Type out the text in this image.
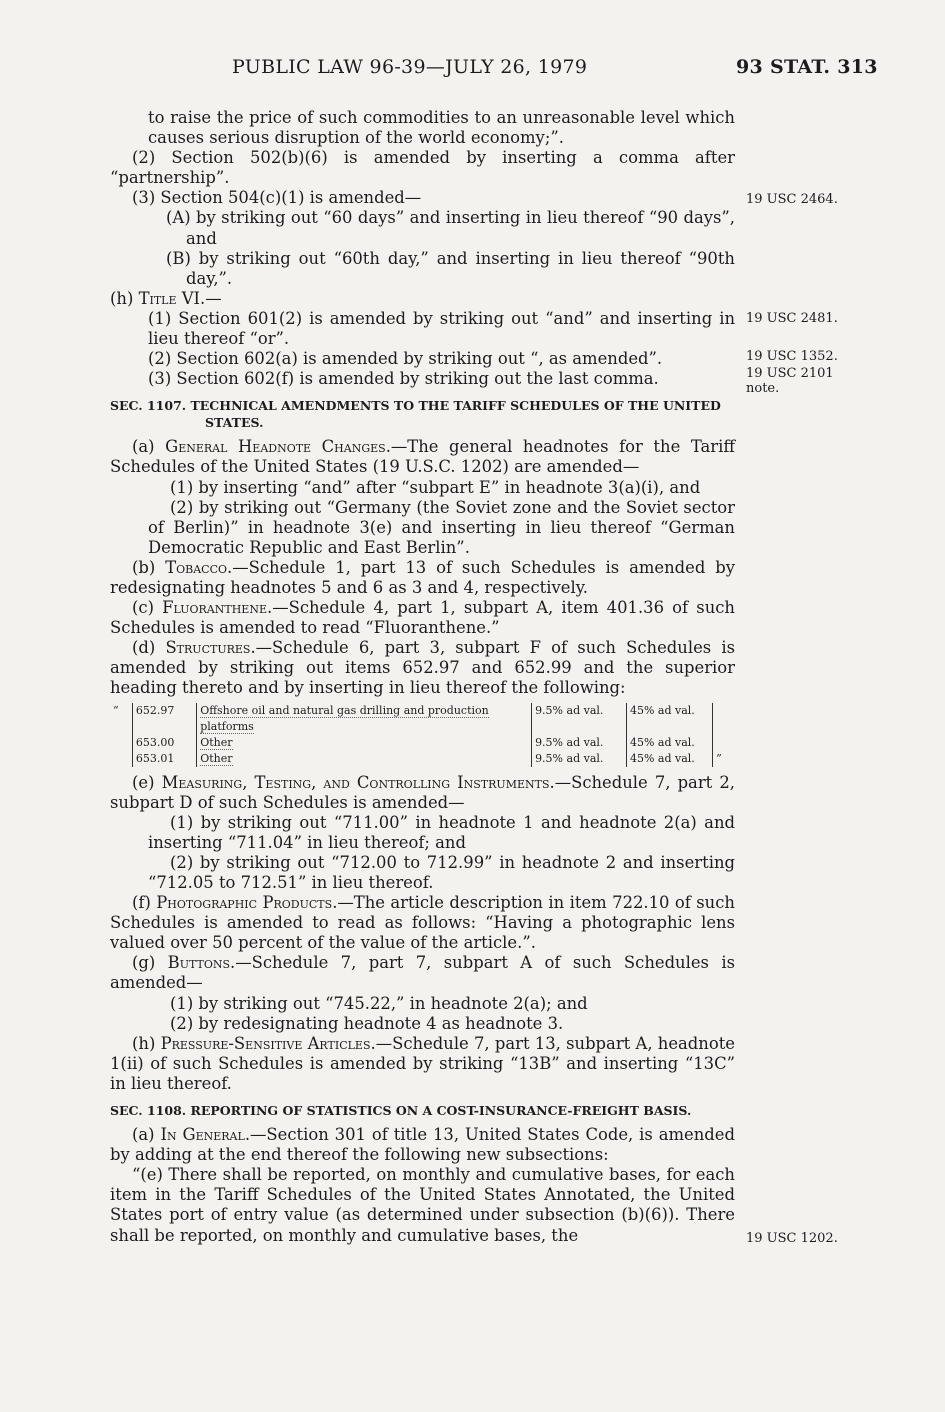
PUBLIC LAW 96-39—JULY 26, 1979	93 STAT. 313

to raise the price of such commodities to an unreasonable level which causes serious disruption of the world economy;”.

(2) Section 502(b)(6) is amended by inserting a comma after “partnership”.

(3) Section 504(c)(1) is amended—

(A) by striking out “60 days” and inserting in lieu thereof “90 days”, and

(B) by striking out “60th day,” and inserting in lieu thereof “90th day,”.

(h) Title VI.—

(1) Section 601(2) is amended by striking out “and” and inserting in lieu thereof “or”.

(2) Section 602(a) is amended by striking out “, as amended”.

(3) Section 602(f) is amended by striking out the last comma.

SEC. 1107. TECHNICAL AMENDMENTS TO THE TARIFF SCHEDULES OF THE UNITED STATES.

(a) General Headnote Changes.—The general headnotes for the Tariff Schedules of the United States (19 U.S.C. 1202) are amended—

(1) by inserting “and” after “subpart E” in headnote 3(a)(i), and

(2) by striking out “Germany (the Soviet zone and the Soviet sector of Berlin)” in headnote 3(e) and inserting in lieu thereof “German Democratic Republic and East Berlin”.

(b) Tobacco.—Schedule 1, part 13 of such Schedules is amended by redesignating headnotes 5 and 6 as 3 and 4, respectively.

(c) Fluoranthene.—Schedule 4, part 1, subpart A, item 401.36 of such Schedules is amended to read “Fluoranthene.”

(d) Structures.—Schedule 6, part 3, subpart F of such Schedules is amended by striking out items 652.97 and 652.99 and the superior heading thereto and by inserting in lieu thereof the following:

“	652.97	Offshore oil and natural gas drilling and production platforms	9.5% ad val.	45% ad val.	
	653.00	Other	9.5% ad val.	45% ad val.	
	653.01	Other	9.5% ad val.	45% ad val.	”

(e) Measuring, Testing, and Controlling Instruments.—Schedule 7, part 2, subpart D of such Schedules is amended—

(1) by striking out “711.00” in headnote 1 and headnote 2(a) and inserting “711.04” in lieu thereof; and

(2) by striking out “712.00 to 712.99” in headnote 2 and inserting “712.05 to 712.51” in lieu thereof.

(f) Photographic Products.—The article description in item 722.10 of such Schedules is amended to read as follows: “Having a photographic lens valued over 50 percent of the value of the article.”.

(g) Buttons.—Schedule 7, part 7, subpart A of such Schedules is amended—

(1) by striking out “745.22,” in headnote 2(a); and

(2) by redesignating headnote 4 as headnote 3.

(h) Pressure-Sensitive Articles.—Schedule 7, part 13, subpart A, headnote 1(ii) of such Schedules is amended by striking “13B” and inserting “13C” in lieu thereof.

SEC. 1108. REPORTING OF STATISTICS ON A COST-INSURANCE-FREIGHT BASIS.

(a) In General.—Section 301 of title 13, United States Code, is amended by adding at the end thereof the following new subsections:

“(e) There shall be reported, on monthly and cumulative bases, for each item in the Tariff Schedules of the United States Annotated, the United States port of entry value (as determined under subsection (b)(6)). There shall be reported, on monthly and cumulative bases, the

19 USC 2464.
19 USC 2481.
19 USC 1352.
19 USC 2101
note.
19 USC 1202.
